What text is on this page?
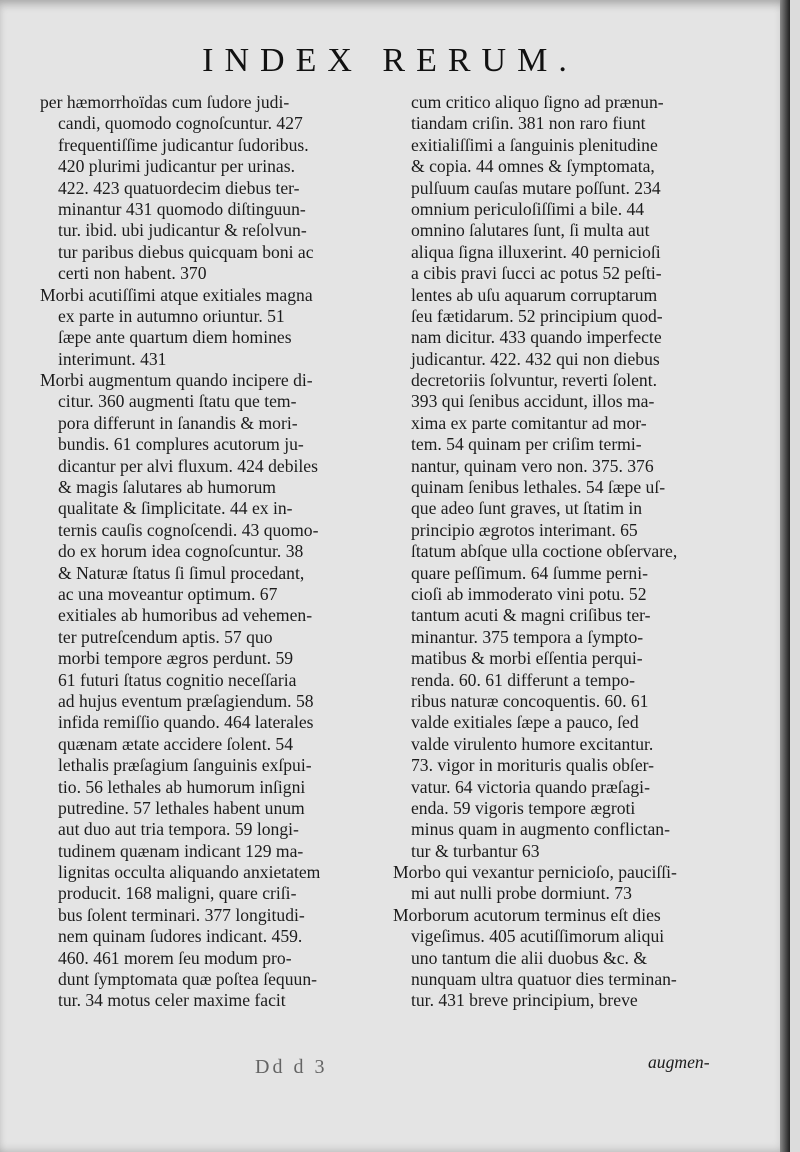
INDEX RERUM.
per hæmorrhoïdas cum ſudore judi-
candi, quomodo cognoſcuntur. 427
frequentiſſime judicantur ſudoribus.
420 plurimi judicantur per urinas.
422. 423 quatuordecim diebus ter-
minantur 431 quomodo diſtinguun-
tur. ibid. ubi judicantur & reſolvun-
tur paribus diebus quicquam boni ac
certi non habent. 370
Morbi acutiſſimi atque exitiales magna
ex parte in autumno oriuntur. 51
ſæpe ante quartum diem homines
interimunt. 431
Morbi augmentum quando incipere di-
citur. 360 augmenti ſtatu que tem-
pora differunt in ſanandis & mori-
bundis. 61 complures acutorum ju-
dicantur per alvi fluxum. 424 debiles
& magis ſalutares ab humorum
qualitate & ſimplicitate. 44 ex in-
ternis cauſis cognoſcendi. 43 quomo-
do ex horum idea cognoſcuntur. 38
& Naturæ ſtatus ſi ſimul procedant,
ac una moveantur optimum. 67
exitiales ab humoribus ad vehemen-
ter putreſcendum aptis. 57 quo
morbi tempore ægros perdunt. 59
61 futuri ſtatus cognitio neceſſaria
ad hujus eventum præſagiendum. 58
infida remiſſio quando. 464 laterales
quænam ætate accidere ſolent. 54
lethalis præſagium ſanguinis exſpui-
tio. 56 lethales ab humorum inſigni
putredine. 57 lethales habent unum
aut duo aut tria tempora. 59 longi-
tudinem quænam indicant 129 ma-
lignitas occulta aliquando anxietatem
producit. 168 maligni, quare criſi-
bus ſolent terminari. 377 longitudi-
nem quinam ſudores indicant. 459.
460. 461 morem ſeu modum pro-
dunt ſymptomata quæ poſtea ſequun-
tur. 34 motus celer maxime facit
cum critico aliquo ſigno ad prænun-
tiandam criſin. 381 non raro fiunt
exitialiſſimi a ſanguinis plenitudine
& copia. 44 omnes & ſymptomata,
pulſuum cauſas mutare poſſunt. 234
omnium periculoſiſſimi a bile. 44
omnino ſalutares ſunt, ſi multa aut
aliqua ſigna illuxerint. 40 pernicioſi
a cibis pravi ſucci ac potus 52 peſti-
lentes ab uſu aquarum corruptarum
ſeu fætidarum. 52 principium quod-
nam dicitur. 433 quando imperfecte
judicantur. 422. 432 qui non diebus
decretoriis ſolvuntur, reverti ſolent.
393 qui ſenibus accidunt, illos ma-
xima ex parte comitantur ad mor-
tem. 54 quinam per criſim termi-
nantur, quinam vero non. 375. 376
quinam ſenibus lethales. 54 ſæpe uſ-
que adeo ſunt graves, ut ſtatim in
principio ægrotos interimant. 65
ſtatum abſque ulla coctione obſervare,
quare peſſimum. 64 ſumme perni-
cioſi ab immoderato vini potu. 52
tantum acuti & magni criſibus ter-
minantur. 375 tempora a ſympto-
matibus & morbi eſſentia perqui-
renda. 60. 61 differunt a tempo-
ribus naturæ concoquentis. 60. 61
valde exitiales ſæpe a pauco, ſed
valde virulento humore excitantur.
73. vigor in morituris qualis obſer-
vatur. 64 victoria quando præſagi-
enda. 59 vigoris tempore ægroti
minus quam in augmento conflictan-
tur & turbantur 63
Morbo qui vexantur pernicioſo, pauciſſi-
mi aut nulli probe dormiunt. 73
Morborum acutorum terminus eſt dies
vigeſimus. 405 acutiſſimorum aliqui
uno tantum die alii duobus &c. &
nunquam ultra quatuor dies terminan-
tur. 431 breve principium, breve
Dd d 3	augmen-
